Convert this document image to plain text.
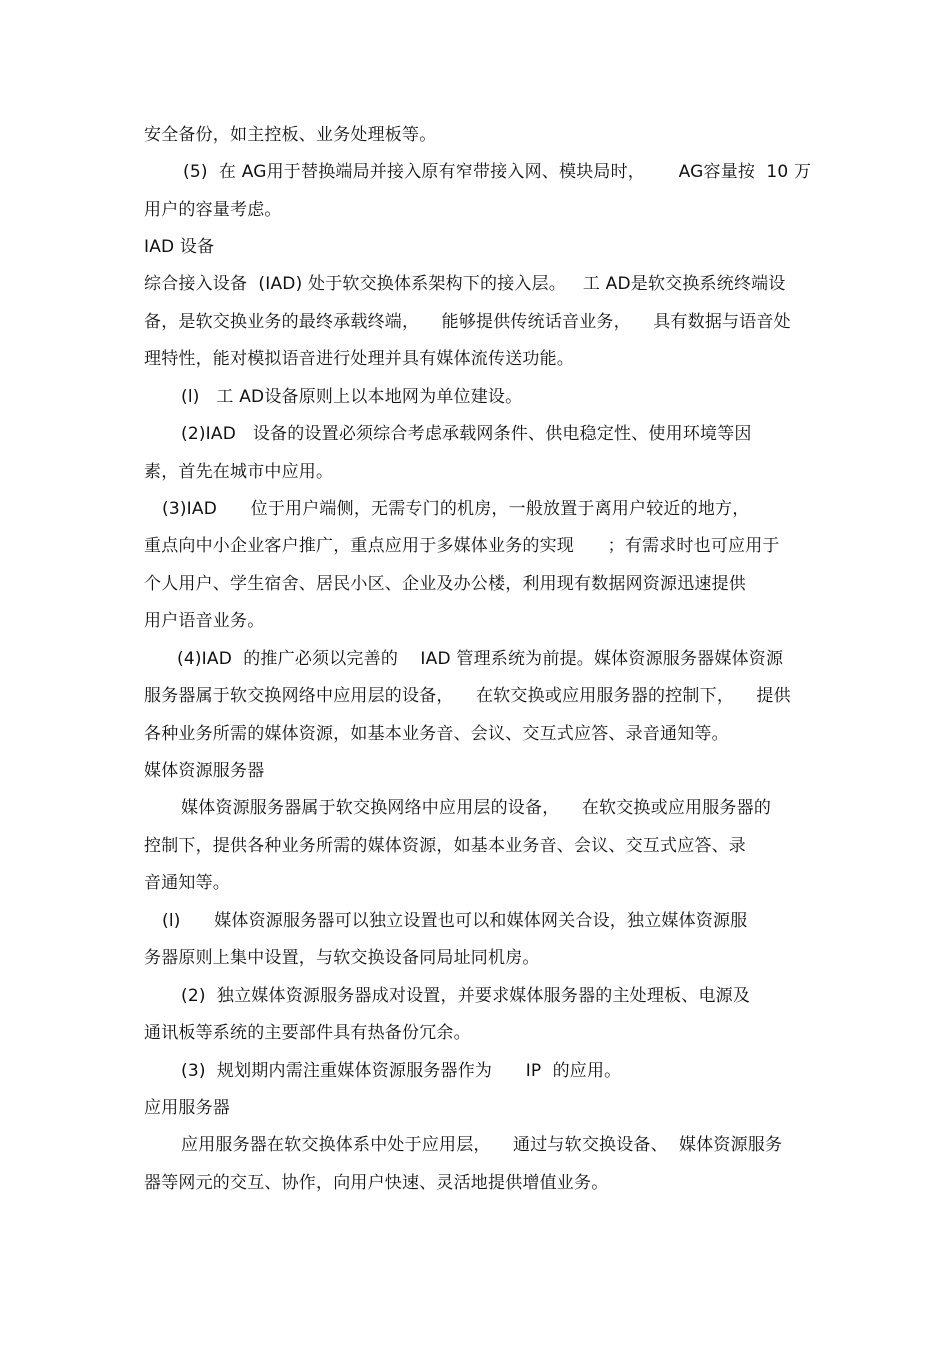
安全备份，如主控板、业务处理板等。
(5)  在 AG用于替换端局并接入原有窄带接入网、模块局时，      AG容量按  10 万
用户的容量考虑。
IAD 设备
综合接入设备  (IAD) 处于软交换体系架构下的接入层。   工 AD是软交换系统终端设
备，是软交换业务的最终承载终端，    能够提供传统话音业务，    具有数据与语音处
理特性，能对模拟语音进行处理并具有媒体流传送功能。
(l)   工 AD设备原则上以本地网为单位建设。
(2)IAD   设备的设置必须综合考虑承载网条件、供电稳定性、使用环境等因
素，首先在城市中应用。
(3)IAD      位于用户端侧，无需专门的机房，一般放置于离用户较近的地方，
重点向中小企业客户推广，重点应用于多媒体业务的实现      ；有需求时也可应用于
个人用户、学生宿舍、居民小区、企业及办公楼，利用现有数据网资源迅速提供
用户语音业务。
(4)IAD  的推广必须以完善的    IAD 管理系统为前提。媒体资源服务器媒体资源
服务器属于软交换网络中应用层的设备，    在软交换或应用服务器的控制下，    提供
各种业务所需的媒体资源，如基本业务音、会议、交互式应答、录音通知等。
媒体资源服务器
媒体资源服务器属于软交换网络中应用层的设备，    在软交换或应用服务器的
控制下，提供各种业务所需的媒体资源，如基本业务音、会议、交互式应答、录
音通知等。
(l)      媒体资源服务器可以独立设置也可以和媒体网关合设，独立媒体资源服
务器原则上集中设置，与软交换设备同局址同机房。
(2)  独立媒体资源服务器成对设置，并要求媒体服务器的主处理板、电源及
通讯板等系统的主要部件具有热备份冗余。
(3)  规划期内需注重媒体资源服务器作为      IP  的应用。
应用服务器
应用服务器在软交换体系中处于应用层，    通过与软交换设备、  媒体资源服务
器等网元的交互、协作，向用户快速、灵活地提供增值业务。
